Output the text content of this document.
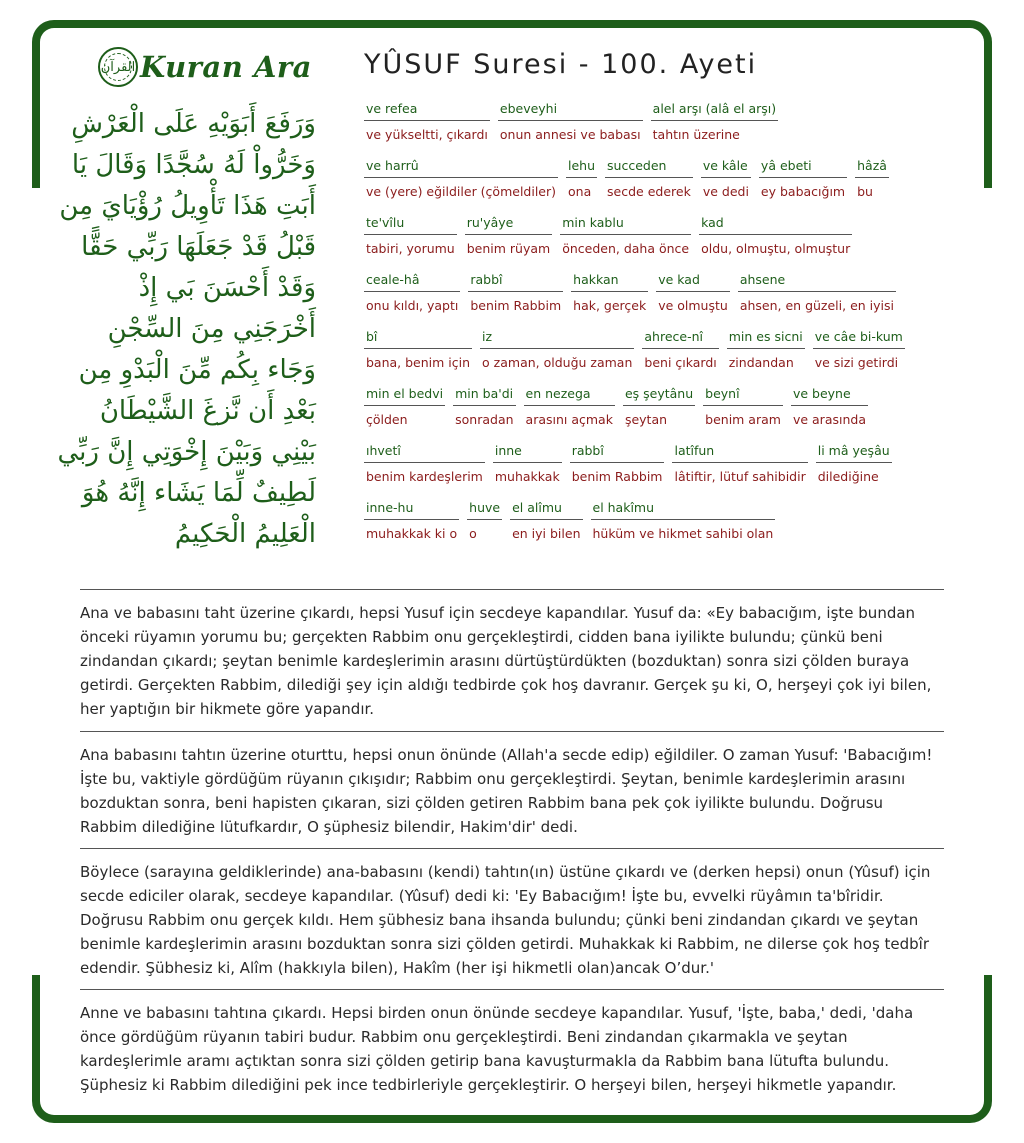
القرآن Kuran Ara
وَرَفَعَ أَبَوَيْهِ عَلَى الْعَرْشِ
وَخَرُّواْ لَهُ سُجَّدًا وَقَالَ يَا
أَبَتِ هَذَا تَأْوِيلُ رُؤْيَايَ مِن
قَبْلُ قَدْ جَعَلَهَا رَبِّي حَقًّا
وَقَدْ أَحْسَنَ بَي إِذْ
أَخْرَجَنِي مِنَ السِّجْنِ
وَجَاء بِكُم مِّنَ الْبَدْوِ مِن
بَعْدِ أَن نَّزغَ الشَّيْطَانُ
بَيْنِي وَبَيْنَ إِخْوَتِي إِنَّ رَبِّي
لَطِيفٌ لِّمَا يَشَاء إِنَّهُ هُوَ
الْعَلِيمُ الْحَكِيمُ
YÛSUF Suresi - 100. Ayeti
ve refea
ve yükseltti, çıkardı
ebeveyhi
onun annesi ve babası
alel arşı (alâ el arşı)
tahtın üzerine
ve harrû
ve (yere) eğildiler (çömeldiler)
lehu
ona
succeden
secde ederek
ve kâle
ve dedi
yâ ebeti
ey babacığım
hâzâ
bu
te'vîlu
tabiri, yorumu
ru'yâye
benim rüyam
min kablu
önceden, daha önce
kad
oldu, olmuştu, olmuştur
ceale-hâ
onu kıldı, yaptı
rabbî
benim Rabbim
hakkan
hak, gerçek
ve kad
ve olmuştu
ahsene
ahsen, en güzeli, en iyisi
bî
bana, benim için
iz
o zaman, olduğu zaman
ahrece-nî
beni çıkardı
min es sicni
zindandan
ve câe bi-kum
ve sizi getirdi
min el bedvi
çölden
min ba'di
sonradan
en nezega
arasını açmak
eş şeytânu
şeytan
beynî
benim aram
ve beyne
ve arasında
ıhvetî
benim kardeşlerim
inne
muhakkak
rabbî
benim Rabbim
latîfun
lâtiftir, lütuf sahibidir
li mâ yeşâu
dilediğine
inne-hu
muhakkak ki o
huve
o
el alîmu
en iyi bilen
el hakîmu
hüküm ve hikmet sahibi olan

Ana ve babasını taht üzerine çıkardı, hepsi Yusuf için secdeye kapandılar. Yusuf da: «Ey babacığım, işte bundan önceki rüyamın yorumu bu; gerçekten Rabbim onu gerçekleştirdi, cidden bana iyilikte bulundu; çünkü beni zindandan çıkardı; şeytan benimle kardeşlerimin arasını dürtüştürdükten (bozduktan) sonra sizi çölden buraya getirdi. Gerçekten Rabbim, dilediği şey için aldığı tedbirde çok hoş davranır. Gerçek şu ki, O, herşeyi çok iyi bilen, her yaptığın bir hikmete göre yapandır.

Ana babasını tahtın üzerine oturttu, hepsi onun önünde (Allah'a secde edip) eğildiler. O zaman Yusuf: 'Babacığım! İşte bu, vaktiyle gördüğüm rüyanın çıkışıdır; Rabbim onu gerçekleştirdi. Şeytan, benimle kardeşlerimin arasını bozduktan sonra, beni hapisten çıkaran, sizi çölden getiren Rabbim bana pek çok iyilikte bulundu. Doğrusu Rabbim dilediğine lütufkardır, O şüphesiz bilendir, Hakim'dir' dedi.

Böylece (sarayına geldiklerinde) ana-babasını (kendi) tahtın(ın) üstüne çıkardı ve (derken hepsi) onun (Yûsuf) için secde ediciler olarak, secdeye kapandılar. (Yûsuf) dedi ki: 'Ey Babacığım! İşte bu, evvelki rüyâmın ta'bîridir. Doğrusu Rabbim onu gerçek kıldı. Hem şübhesiz bana ihsanda bulundu; çünki beni zindandan çıkardı ve şeytan benimle kardeşlerimin arasını bozduktan sonra sizi çölden getirdi. Muhakkak ki Rabbim, ne dilerse çok hoş tedbîr edendir. Şübhesiz ki, Alîm (hakkıyla bilen), Hakîm (her işi hikmetli olan)ancak O’dur.'

Anne ve babasını tahtına çıkardı. Hepsi birden onun önünde secdeye kapandılar. Yusuf, 'İşte, baba,' dedi, 'daha önce gördüğüm rüyanın tabiri budur. Rabbim onu gerçekleştirdi. Beni zindandan çıkarmakla ve şeytan kardeşlerimle aramı açtıktan sonra sizi çölden getirip bana kavuşturmakla da Rabbim bana lütufta bulundu. Şüphesiz ki Rabbim dilediğini pek ince tedbirleriyle gerçekleştirir. O herşeyi bilen, herşeyi hikmetle yapandır.
